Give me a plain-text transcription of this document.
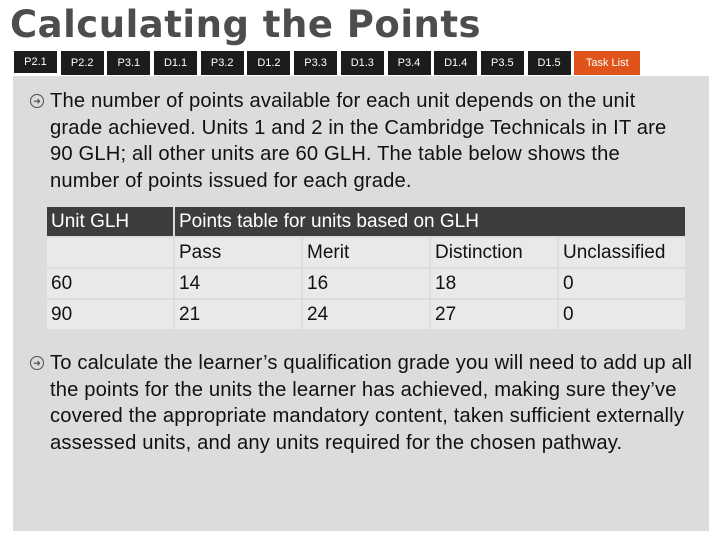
Calculating the Points
P2.1	P2.2	P3.1	D1.1	P3.2	D1.2	P3.3	D1.3	P3.4	D1.4	P3.5	D1.5	Task List
➜ The number of points available for each unit depends on the unit grade achieved. Units 1 and 2 in the Cambridge Technicals in IT are 90 GLH; all other units are 60 GLH. The table below shows the number of points issued for each grade.
Unit GLH	Points table for units based on GLH			
	Pass	Merit	Distinction	Unclassified
60	14	16	18	0
90	21	24	27	0
➜ To calculate the learner’s qualification grade you will need to add up all the points for the units the learner has achieved, making sure they’ve covered the appropriate mandatory content, taken sufficient externally assessed units, and any units required for the chosen pathway.
